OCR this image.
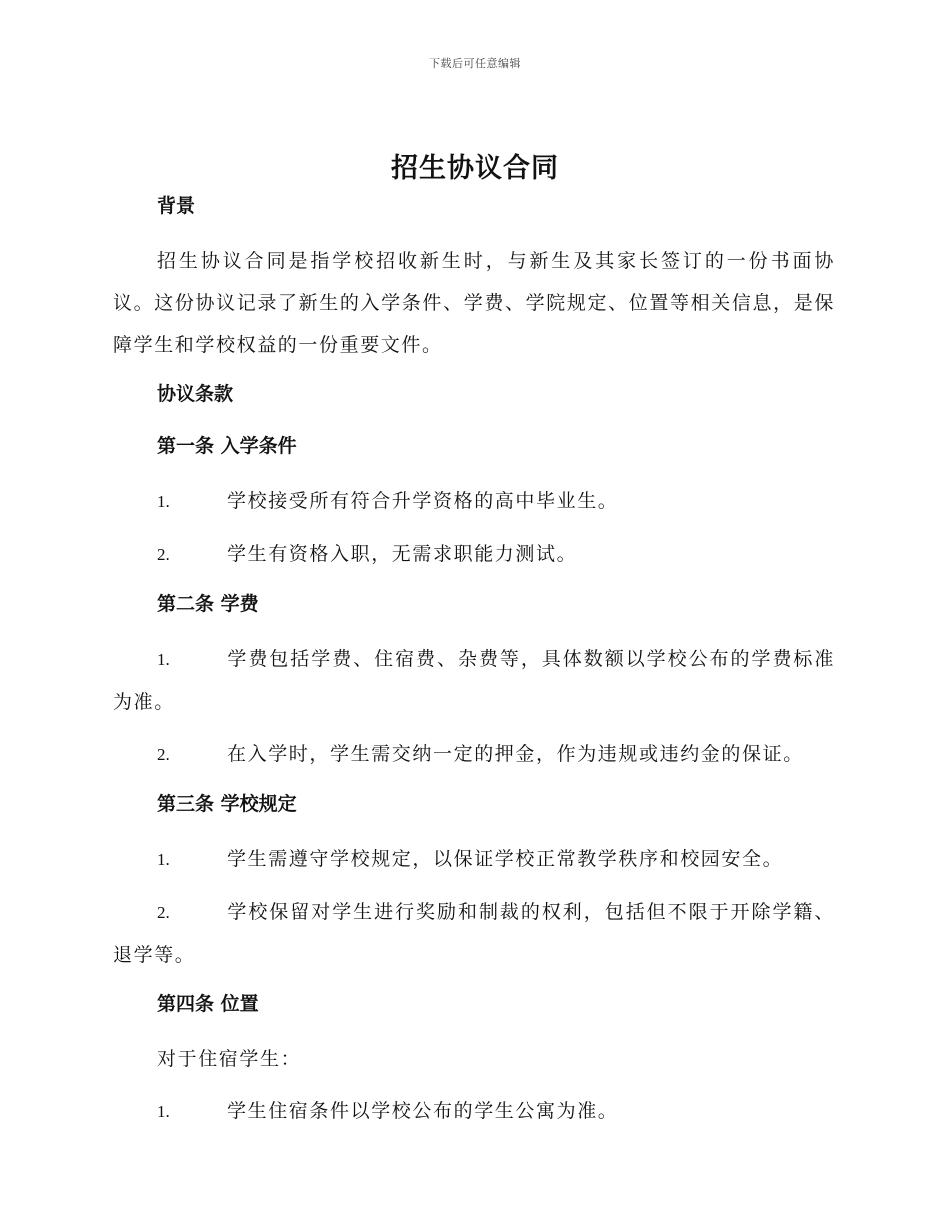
下载后可任意编辑
招生协议合同
背景

招生协议合同是指学校招收新生时，与新生及其家长签订的一份书面协议。这份协议记录了新生的入学条件、学费、学院规定、位置等相关信息，是保障学生和学校权益的一份重要文件。

协议条款
第一条 入学条件

1.	学校接受所有符合升学资格的高中毕业生。

2.	学生有资格入职，无需求职能力测试。

第二条 学费

1.	学费包括学费、住宿费、杂费等，具体数额以学校公布的学费标准为准。

2.	在入学时，学生需交纳一定的押金，作为违规或违约金的保证。

第三条 学校规定

1.	学生需遵守学校规定，以保证学校正常教学秩序和校园安全。

2.	学校保留对学生进行奖励和制裁的权利，包括但不限于开除学籍、退学等。

第四条 位置

对于住宿学生：

1.	学生住宿条件以学校公布的学生公寓为准。
